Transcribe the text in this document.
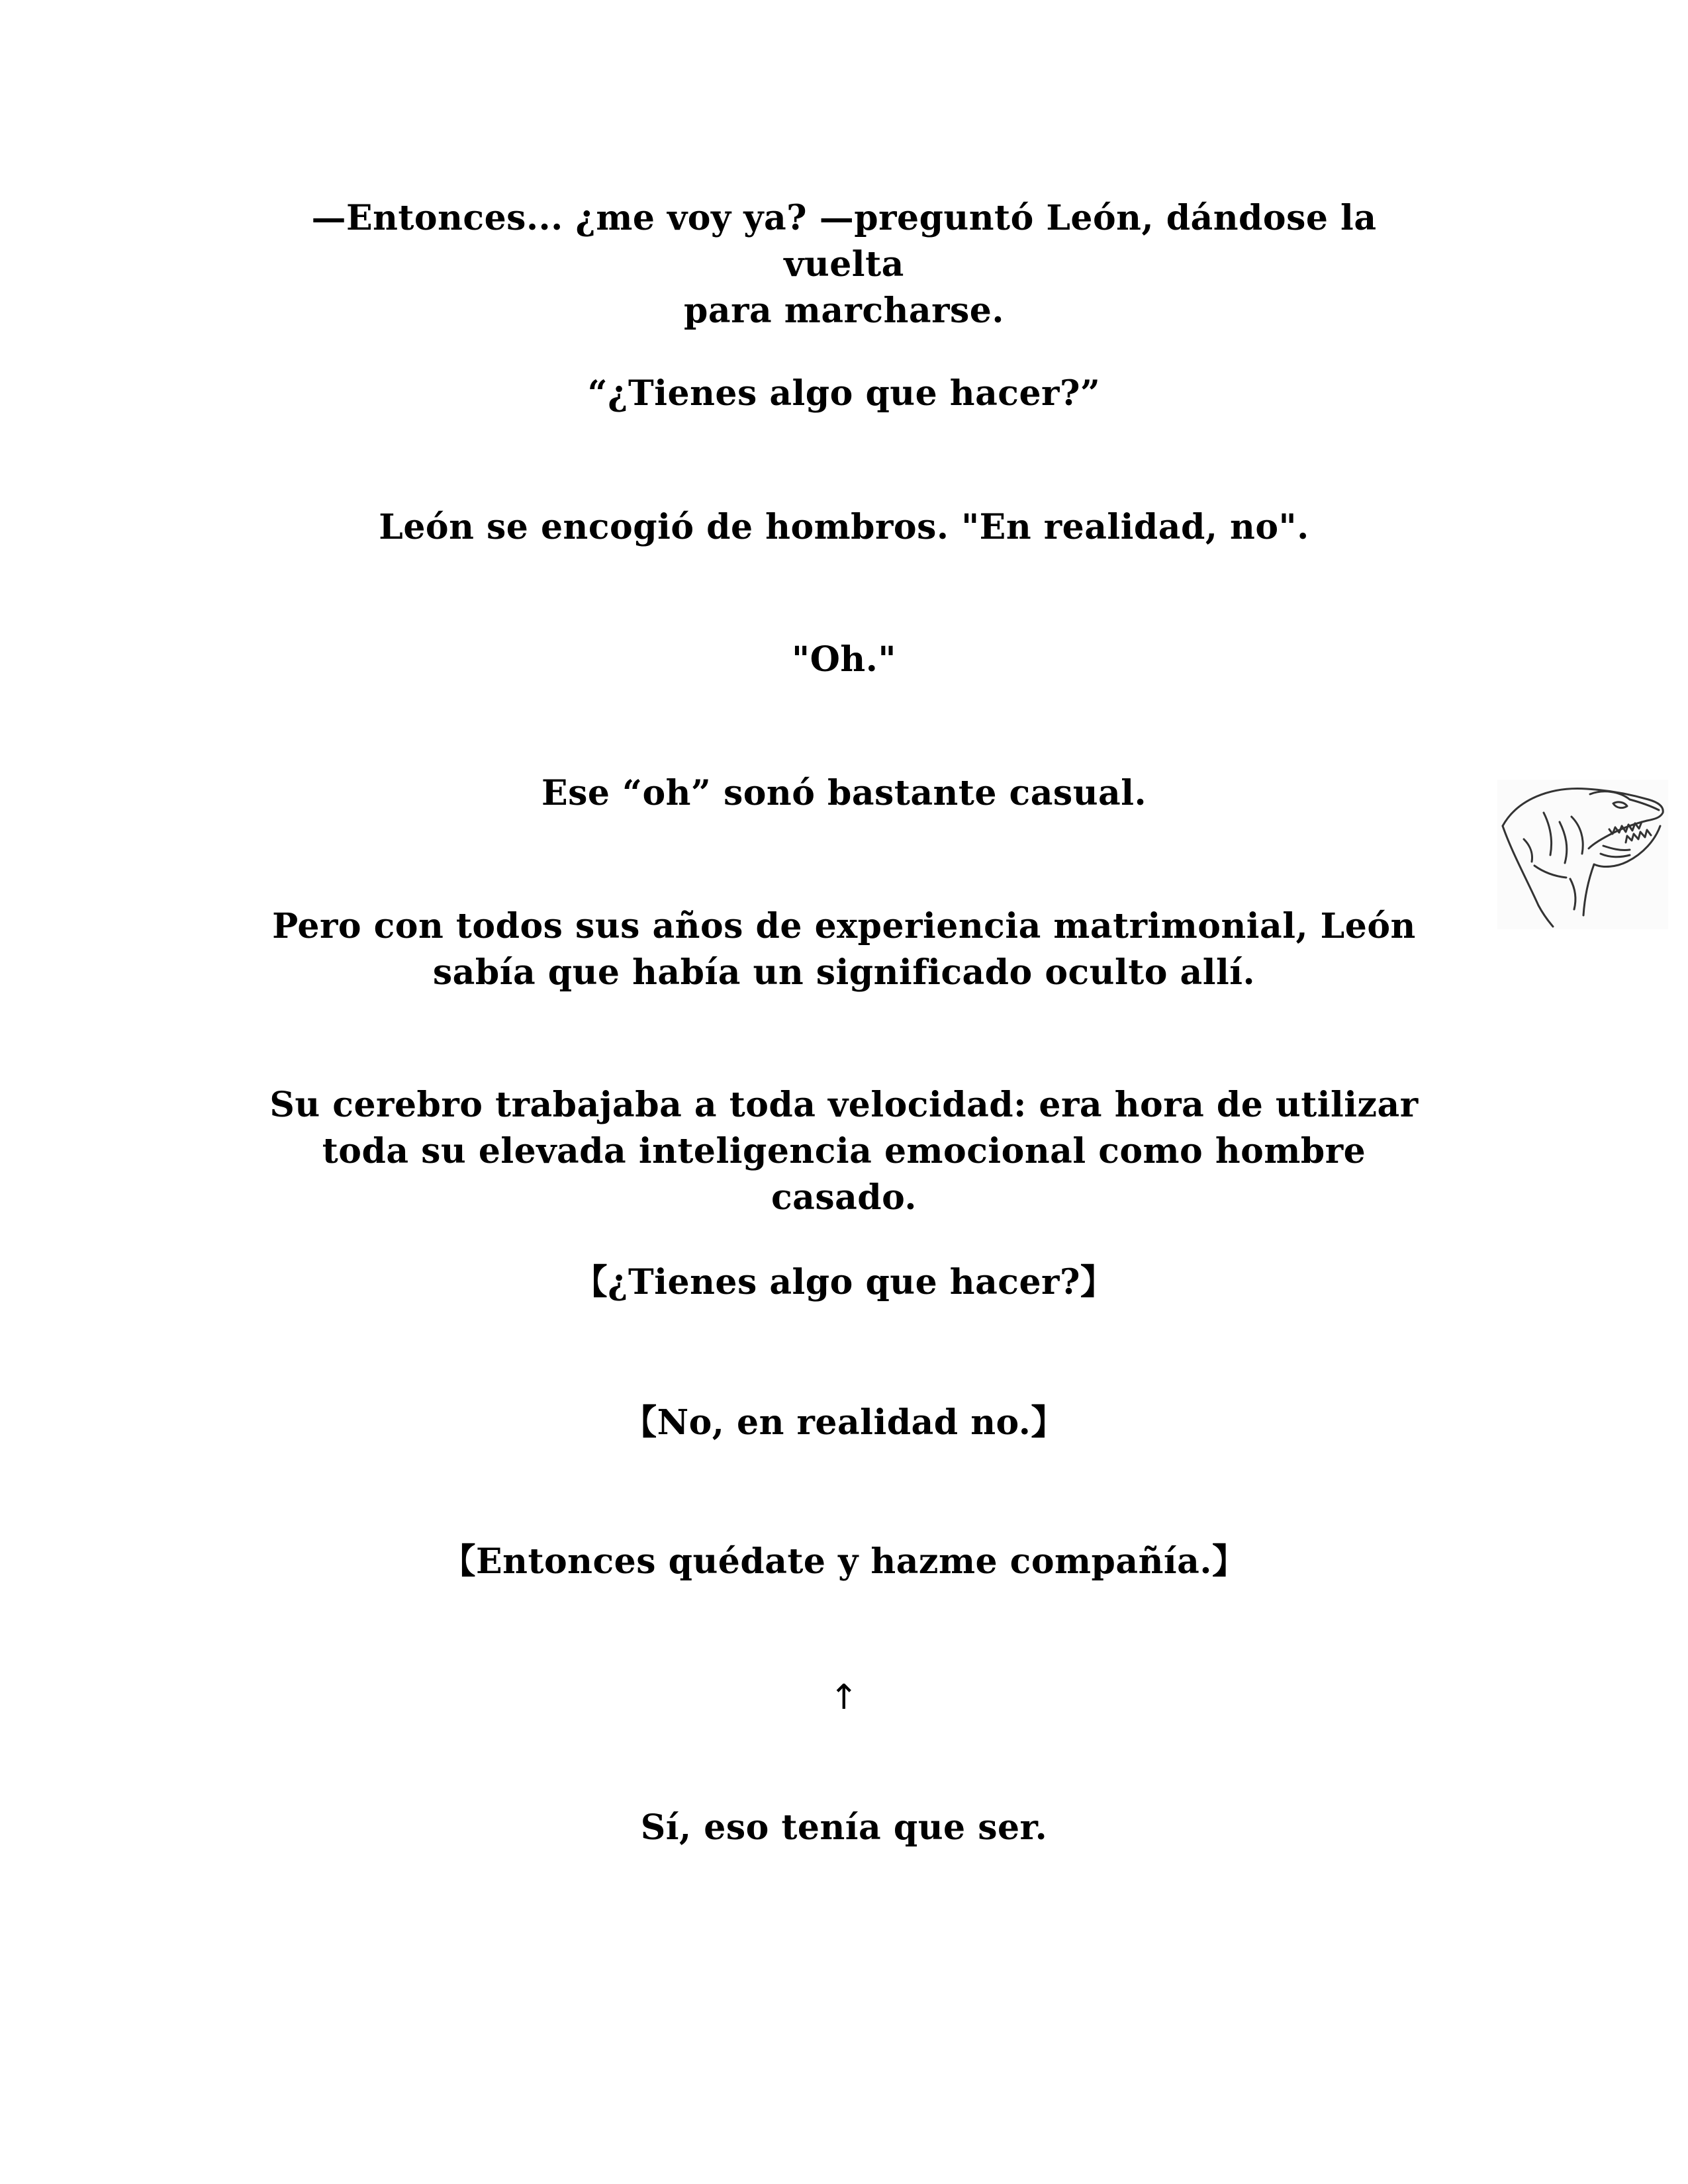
—Entonces... ¿me voy ya? —preguntó León, dándose la vuelta
para marcharse.

“¿Tienes algo que hacer?”

León se encogió de hombros. "En realidad, no".

"Oh."

Ese “oh” sonó bastante casual.

Pero con todos sus años de experiencia matrimonial, León
sabía que había un significado oculto allí.

Su cerebro trabajaba a toda velocidad: era hora de utilizar
toda su elevada inteligencia emocional como hombre casado.

【¿Tienes algo que hacer?】

【No, en realidad no.】

【Entonces quédate y hazme compañía.】

↑

Sí, eso tenía que ser.
